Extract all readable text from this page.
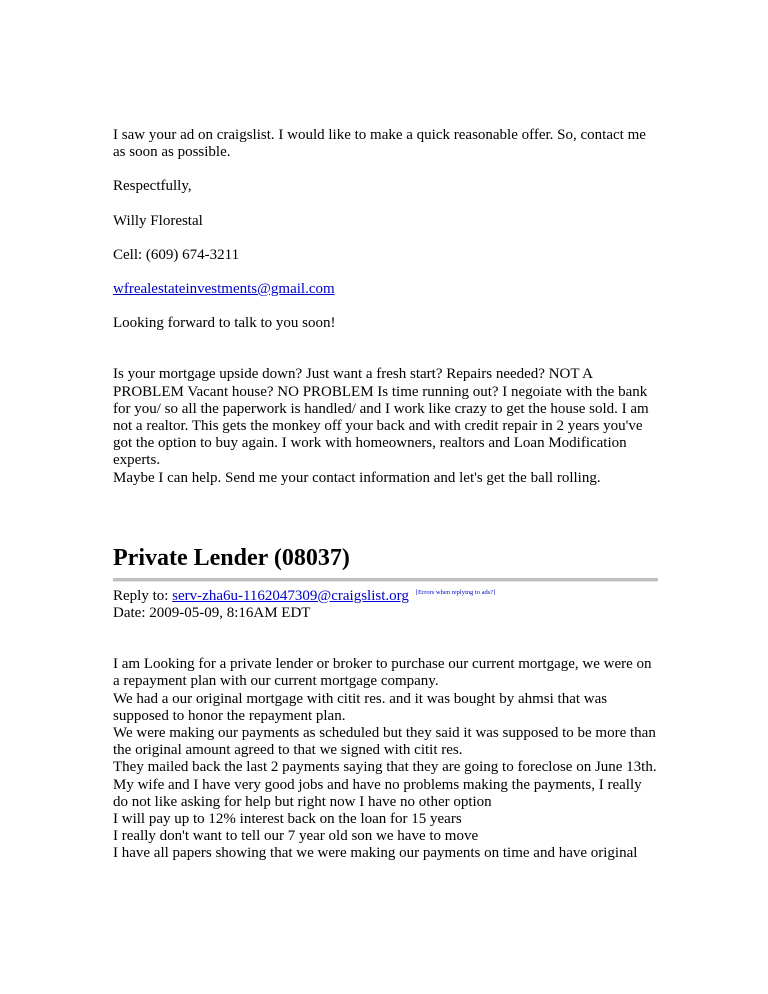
I saw your ad on craigslist. I would like to make a quick reasonable offer. So, contact me as soon as possible.

Respectfully,

Willy Florestal

Cell: (609) 674-3211

wfrealestateinvestments@gmail.com

Looking forward to talk to you soon!

Is your mortgage upside down? Just want a fresh start? Repairs needed? NOT A PROBLEM Vacant house? NO PROBLEM Is time running out? I negoiate with the bank for you/ so all the paperwork is handled/ and I work like crazy to get the house sold. I am not a realtor. This gets the monkey off your back and with credit repair in 2 years you've got the option to buy again. I work with homeowners, realtors and Loan Modification experts.

Maybe I can help. Send me your contact information and let's get the ball rolling.

Private Lender (08037)

Reply to: serv-zha6u-1162047309@craigslist.org [Errors when replying to ads?]

Date: 2009-05-09, 8:16AM EDT

I am Looking for a private lender or broker to purchase our current mortgage, we were on a repayment plan with our current mortgage company.

We had a our original mortgage with citit res. and it was bought by ahmsi that was supposed to honor the repayment plan.

We were making our payments as scheduled but they said it was supposed to be more than the original amount agreed to that we signed with citit res.

They mailed back the last 2 payments saying that they are going to foreclose on June 13th.

My wife and I have very good jobs and have no problems making the payments, I really do not like asking for help but right now I have no other option

I will pay up to 12% interest back on the loan for 15 years

I really don't want to tell our 7 year old son we have to move

I have all papers showing that we were making our payments on time and have original
